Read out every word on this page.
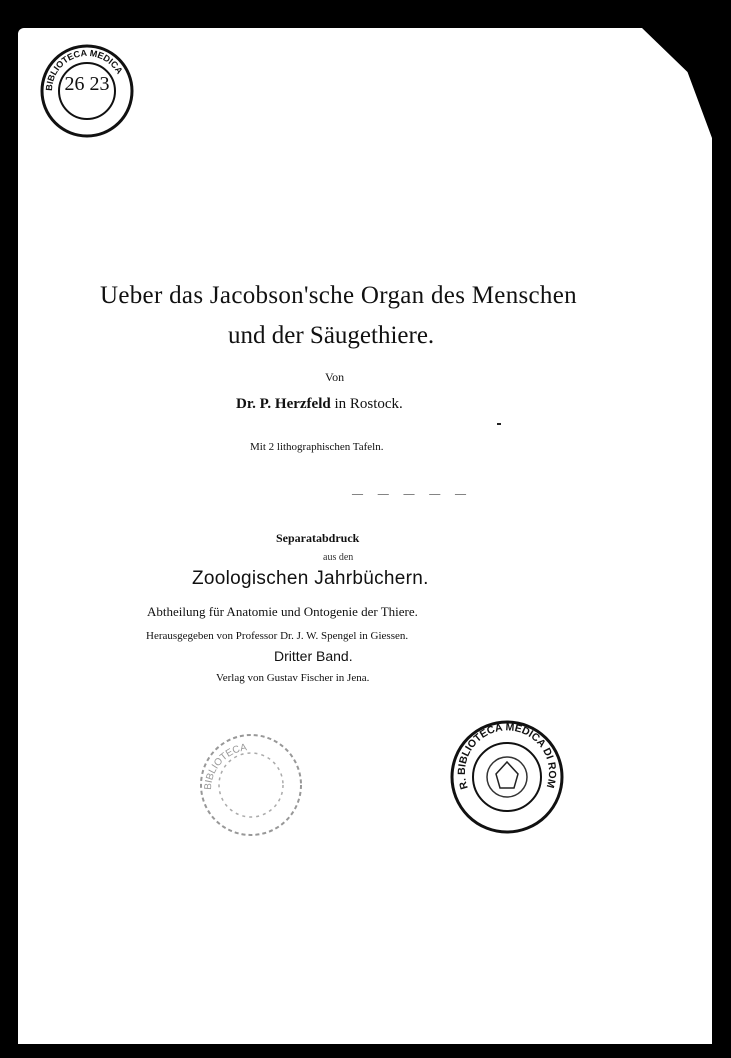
BIBLIOTECA MEDICA
26 23
Ueber das Jacobson'sche Organ des Menschen
und der Säugethiere.
Von
Dr. P. Herzfeld in Rostock.
Mit 2 lithographischen Tafeln.
— — — — —
Separatabdruck
aus den
Zoologischen Jahrbüchern.
Abtheilung für Anatomie und Ontogenie der Thiere.
Herausgegeben von Professor Dr. J. W. Spengel in Giessen.
Dritter Band.
Verlag von Gustav Fischer in Jena.
BIBLIOTECA
R. BIBLIOTECA MEDICA DI ROM
